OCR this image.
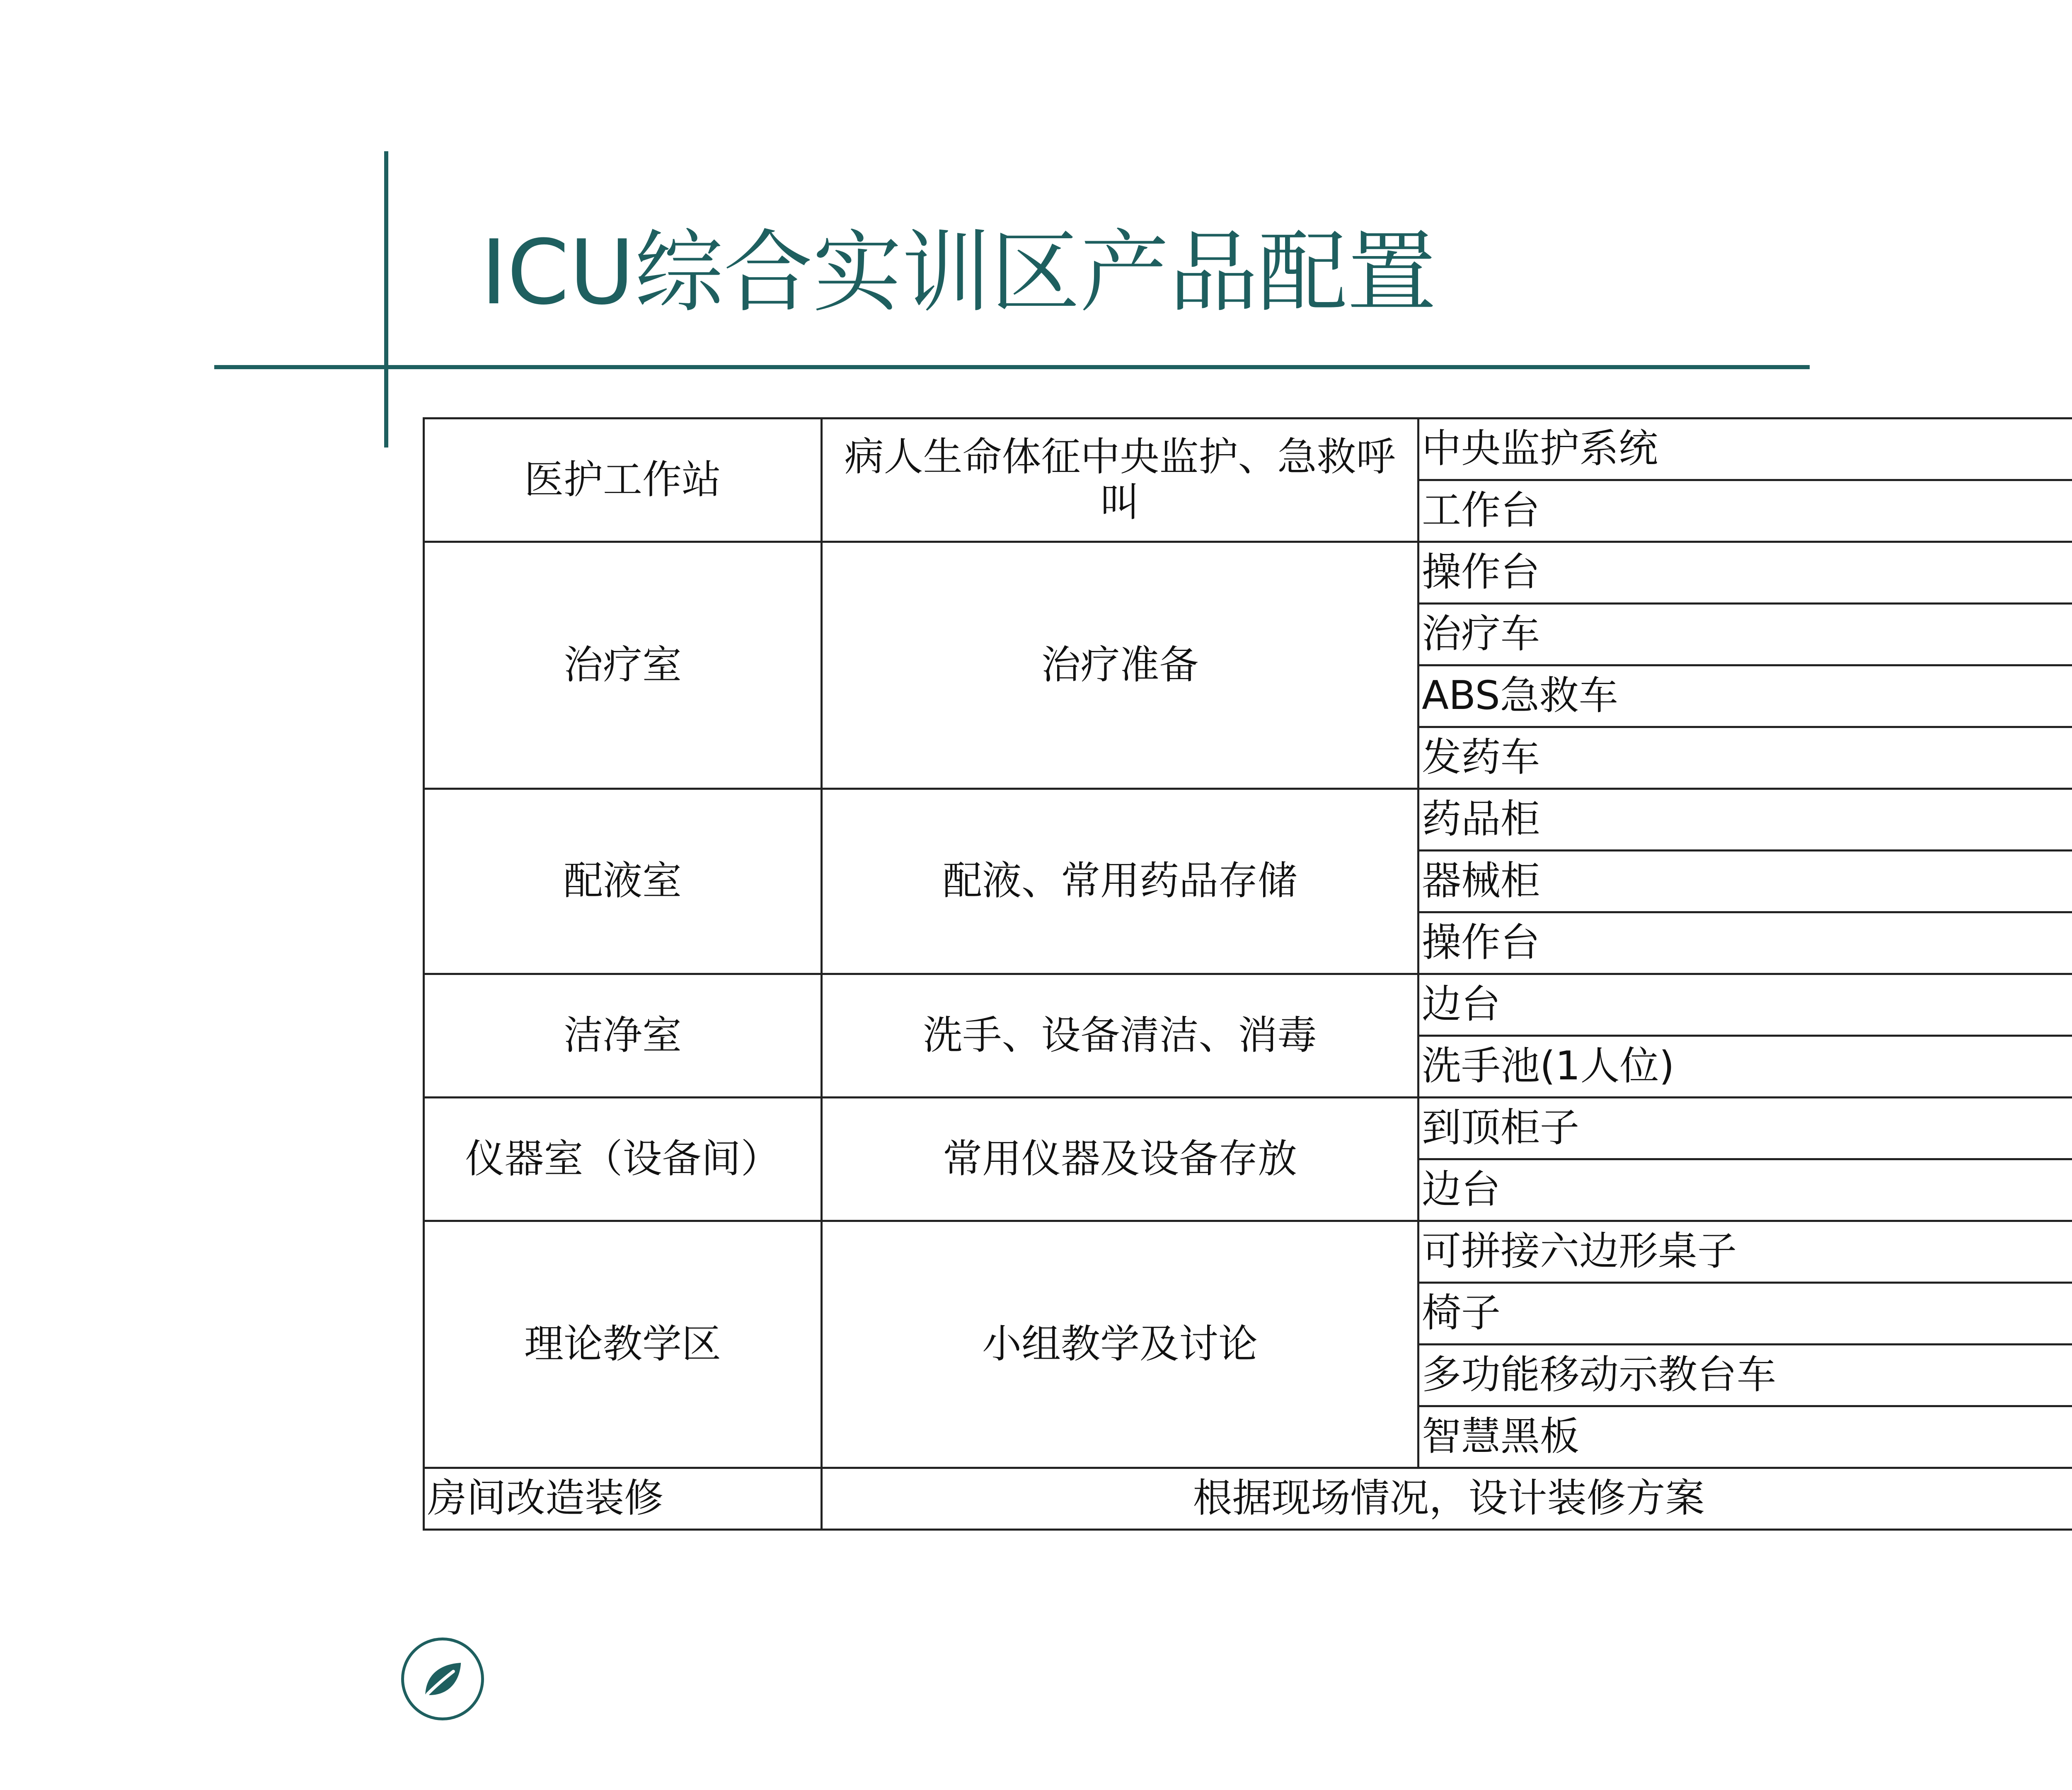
ICU综合实训区产品配置
医护工作站	病人生命体征中央监护、急救呼叫	中央监护系统		
		工作台		
治疗室	治疗准备	操作台		
		治疗车		
		ABS急救车		
		发药车		
配液室	配液、常用药品存储	药品柜		
		器械柜		
		操作台		
洁净室	洗手、设备清洁、消毒	边台		
		洗手池(1人位)		
仪器室（设备间）	常用仪器及设备存放	到顶柜子		
		边台		
理论教学区	小组教学及讨论	可拼接六边形桌子		
		椅子		
		多功能移动示教台车		
		智慧黑板		
房间改造装修	根据现场情况，设计装修方案			
